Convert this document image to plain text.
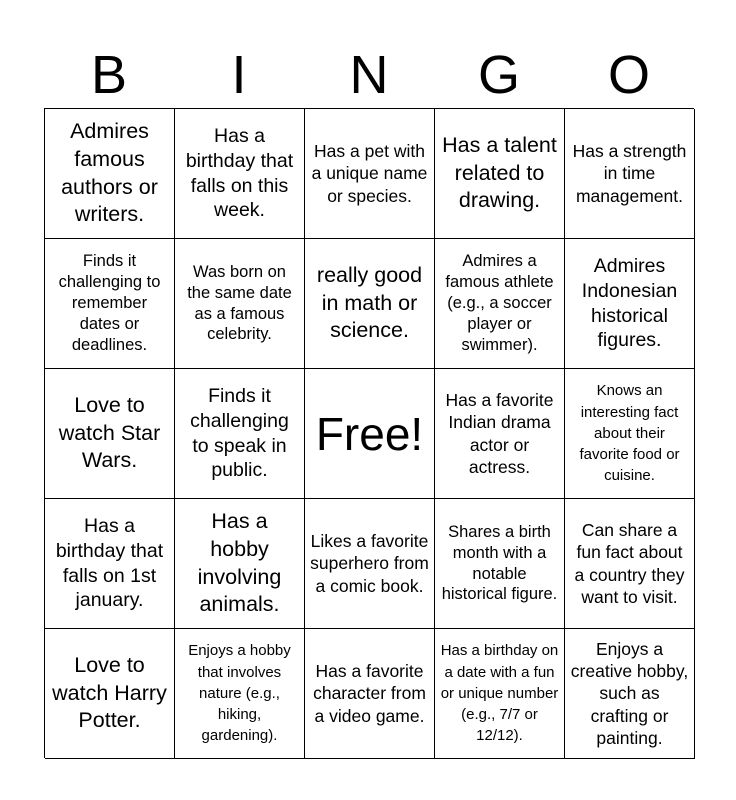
B	I	N	G	O
Admires famous authors or writers.
Has a birthday that falls on this week.
Has a pet with a unique name or species.
Has a talent related to drawing.
Has a strength in time management.
Finds it challenging to remember dates or deadlines.
Was born on the same date as a famous celebrity.
really good in math or science.
Admires a famous athlete (e.g., a soccer player or swimmer).
Admires Indonesian historical figures.
Love to watch Star Wars.
Finds it challenging to speak in public.
Free!
Has a favorite Indian drama actor or actress.
Knows an interesting fact about their favorite food or cuisine.
Has a birthday that falls on 1st january.
Has a hobby involving animals.
Likes a favorite superhero from a comic book.
Shares a birth month with a notable historical figure.
Can share a fun fact about a country they want to visit.
Love to watch Harry Potter.
Enjoys a hobby that involves nature (e.g., hiking, gardening).
Has a favorite character from a video game.
Has a birthday on a date with a fun or unique number (e.g., 7/7 or 12/12).
Enjoys a creative hobby, such as crafting or painting.
